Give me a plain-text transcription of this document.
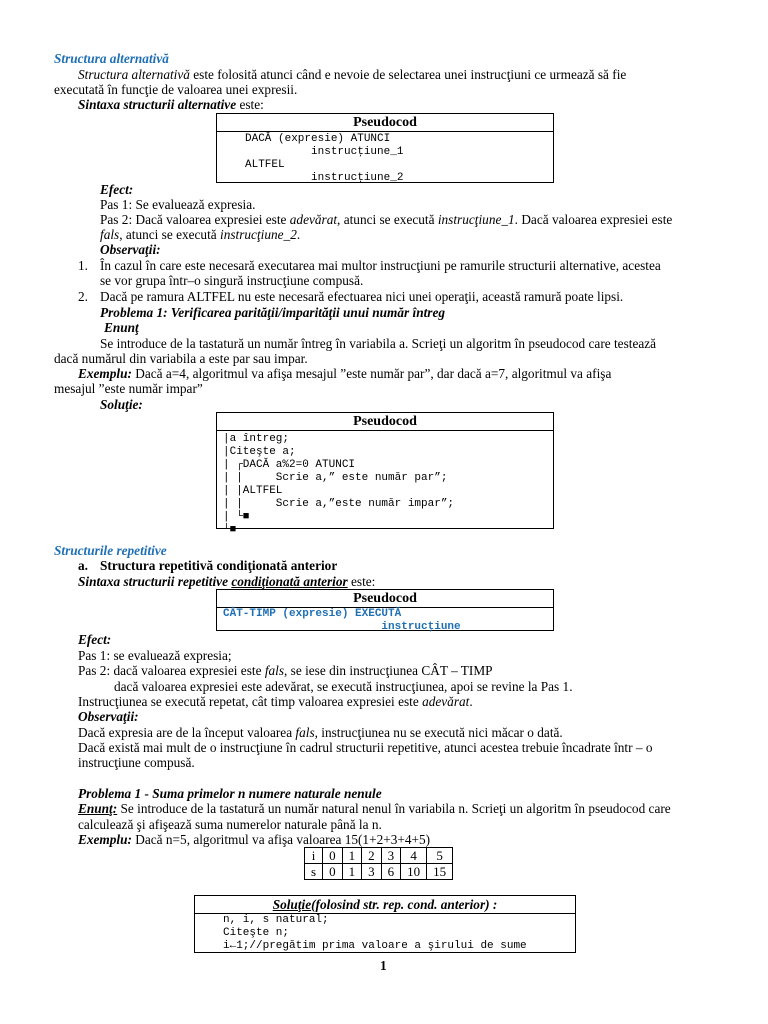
Structura alternativă
Structura alternativă este folosită atunci când e nevoie de selectarea unei instrucţiuni ce urmează să fie
executată în funcţie de valoarea unei expresii.
Sintaxa structurii alternative este:
Pseudocod
DACĂ (expresie) ATUNCI
instrucţiune_1
ALTFEL
instrucţiune_2
Efect:
Pas 1: Se evaluează expresia.
Pas 2: Dacă valoarea expresiei este adevărat, atunci se execută instrucţiune_1. Dacă valoarea expresiei este
fals, atunci se execută instrucţiune_2.
Observaţii:
1. În cazul în care este necesară executarea mai multor instrucţiuni pe ramurile structurii alternative, acestea
se vor grupa într–o singură instrucţiune compusă.
2. Dacă pe ramura ALTFEL nu este necesară efectuarea nici unei operaţii, această ramură poate lipsi.
Problema 1: Verificarea parităţii/imparităţii unui număr întreg
Enunţ
Se introduce de la tastatură un număr întreg în variabila a. Scrieţi un algoritm în pseudocod care testează
dacă numărul din variabila a este par sau impar.
Exemplu: Dacă a=4, algoritmul va afişa mesajul ”este număr par”, dar dacă a=7, algoritmul va afişa
mesajul ”este număr impar”
Soluţie:
Pseudocod
|a întreg;
|Citeşte a;
| ┌DACĂ a%2=0 ATUNCI
| |     Scrie a,” este număr par”;
| |ALTFEL
| |     Scrie a,”este număr impar”;
| └■
└■
Structurile repetitive
a. Structura repetitivă condiţionată anterior
Sintaxa structurii repetitive condiţionată anterior este:
Pseudocod
CÂT-TIMP (expresie) EXECUTĂ
instrucţiune
Efect:
Pas 1: se evaluează expresia;
Pas 2: dacă valoarea expresiei este fals, se iese din instrucţiunea CÂT – TIMP
dacă valoarea expresiei este adevărat, se execută instrucţiunea, apoi se revine la Pas 1.
Instrucţiunea se execută repetat, cât timp valoarea expresiei este adevărat.
Observaţii:
Dacă expresia are de la început valoarea fals, instrucţiunea nu se execută nici măcar o dată.
Dacă există mai mult de o instrucţiune în cadrul structurii repetitive, atunci acestea trebuie încadrate într – o
instrucţiune compusă.
Problema 1 - Suma primelor n numere naturale nenule
Enunţ: Se introduce de la tastatură un număr natural nenul în variabila n. Scrieţi un algoritm în pseudocod care
calculează şi afişează suma numerelor naturale până la n.
Exemplu: Dacă n=5, algoritmul va afişa valoarea 15(1+2+3+4+5)
i	0	1	2	3	4	5
s	0	1	3	6	10	15
Soluţie(folosind str. rep. cond. anterior) :
n, i, s natural;
Citeşte n;
i←1;//pregătim prima valoare a şirului de sume
1
